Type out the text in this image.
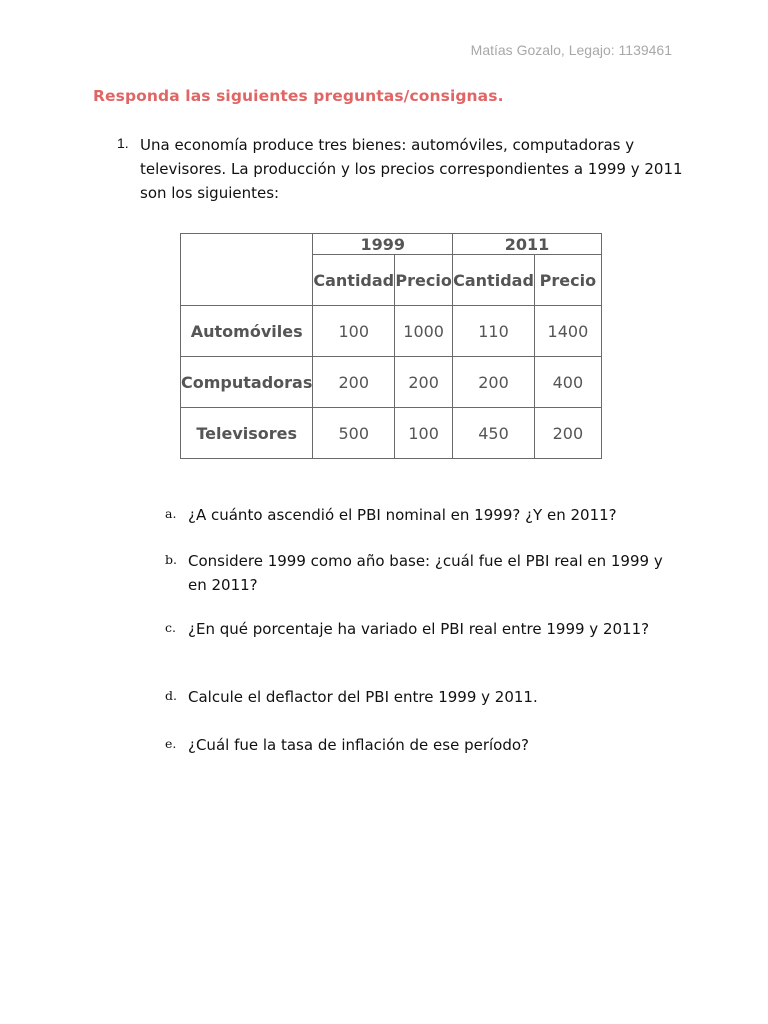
Matías Gozalo, Legajo: 1139461
Responda las siguientes preguntas/consignas.
1. Una economía produce tres bienes: automóviles, computadoras y televisores. La producción y los precios correspondientes a 1999 y 2011 son los siguientes:
	1999		2011	
	Cantidad	Precio	Cantidad	Precio
Automóviles	100	1000	110	1400
Computadoras	200	200	200	400
Televisores	500	100	450	200
a. ¿A cuánto ascendió el PBI nominal en 1999? ¿Y en 2011?
b. Considere 1999 como año base: ¿cuál fue el PBI real en 1999 y en 2011?
c. ¿En qué porcentaje ha variado el PBI real entre 1999 y 2011?
d. Calcule el deflactor del PBI entre 1999 y 2011.
e. ¿Cuál fue la tasa de inflación de ese período?
